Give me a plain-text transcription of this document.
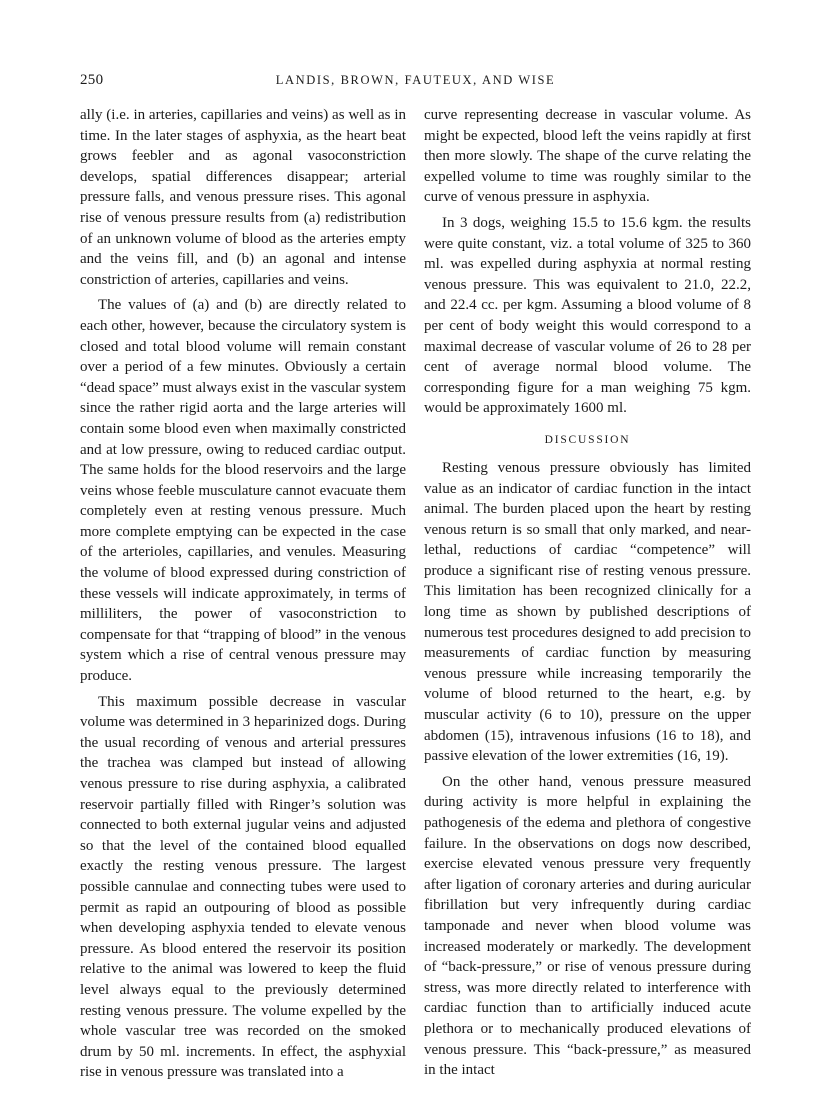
250	LANDIS, BROWN, FAUTEUX, AND WISE

ally (i.e. in arteries, capillaries and veins) as well as in time. In the later stages of asphyxia, as the heart beat grows feebler and as agonal vasoconstriction develops, spatial differences disappear; arterial pressure falls, and venous pressure rises. This agonal rise of venous pressure results from (a) redistribution of an unknown volume of blood as the arteries empty and the veins fill, and (b) an agonal and intense constriction of arteries, capillaries and veins.

The values of (a) and (b) are directly related to each other, however, because the circulatory system is closed and total blood volume will remain constant over a period of a few minutes. Obviously a certain “dead space” must always exist in the vascular system since the rather rigid aorta and the large arteries will contain some blood even when maximally constricted and at low pressure, owing to reduced cardiac output. The same holds for the blood reservoirs and the large veins whose feeble musculature cannot evacuate them completely even at resting venous pressure. Much more complete emptying can be expected in the case of the arterioles, capillaries, and venules. Measuring the volume of blood expressed during constriction of these vessels will indicate approximately, in terms of milliliters, the power of vasoconstriction to compensate for that “trapping of blood” in the venous system which a rise of central venous pressure may produce.

This maximum possible decrease in vascular volume was determined in 3 heparinized dogs. During the usual recording of venous and arterial pressures the trachea was clamped but instead of allowing venous pressure to rise during asphyxia, a calibrated reservoir partially filled with Ringer’s solution was connected to both external jugular veins and adjusted so that the level of the contained blood equalled exactly the resting venous pressure. The largest possible cannulae and connecting tubes were used to permit as rapid an outpouring of blood as possible when developing asphyxia tended to elevate venous pressure. As blood entered the reservoir its position relative to the animal was lowered to keep the fluid level always equal to the previously determined resting venous pressure. The volume expelled by the whole vascular tree was recorded on the smoked drum by 50 ml. increments. In effect, the asphyxial rise in venous pressure was translated into a

curve representing decrease in vascular volume. As might be expected, blood left the veins rapidly at first then more slowly. The shape of the curve relating the expelled volume to time was roughly similar to the curve of venous pressure in asphyxia.

In 3 dogs, weighing 15.5 to 15.6 kgm. the results were quite constant, viz. a total volume of 325 to 360 ml. was expelled during asphyxia at normal resting venous pressure. This was equivalent to 21.0, 22.2, and 22.4 cc. per kgm. Assuming a blood volume of 8 per cent of body weight this would correspond to a maximal decrease of vascular volume of 26 to 28 per cent of average normal blood volume. The corresponding figure for a man weighing 75 kgm. would be approximately 1600 ml.

DISCUSSION

Resting venous pressure obviously has limited value as an indicator of cardiac function in the intact animal. The burden placed upon the heart by resting venous return is so small that only marked, and near-lethal, reductions of cardiac “competence” will produce a significant rise of resting venous pressure. This limitation has been recognized clinically for a long time as shown by published descriptions of numerous test procedures designed to add precision to measurements of cardiac function by measuring venous pressure while increasing temporarily the volume of blood returned to the heart, e.g. by muscular activity (6 to 10), pressure on the upper abdomen (15), intravenous infusions (16 to 18), and passive elevation of the lower extremities (16, 19).

On the other hand, venous pressure measured during activity is more helpful in explaining the pathogenesis of the edema and plethora of congestive failure. In the observations on dogs now described, exercise elevated venous pressure very frequently after ligation of coronary arteries and during auricular fibrillation but very infrequently during cardiac tamponade and never when blood volume was increased moderately or markedly. The development of “back-pressure,” or rise of venous pressure during stress, was more directly related to interference with cardiac function than to artificially induced acute plethora or to mechanically produced elevations of venous pressure. This “back-pressure,” as measured in the intact
